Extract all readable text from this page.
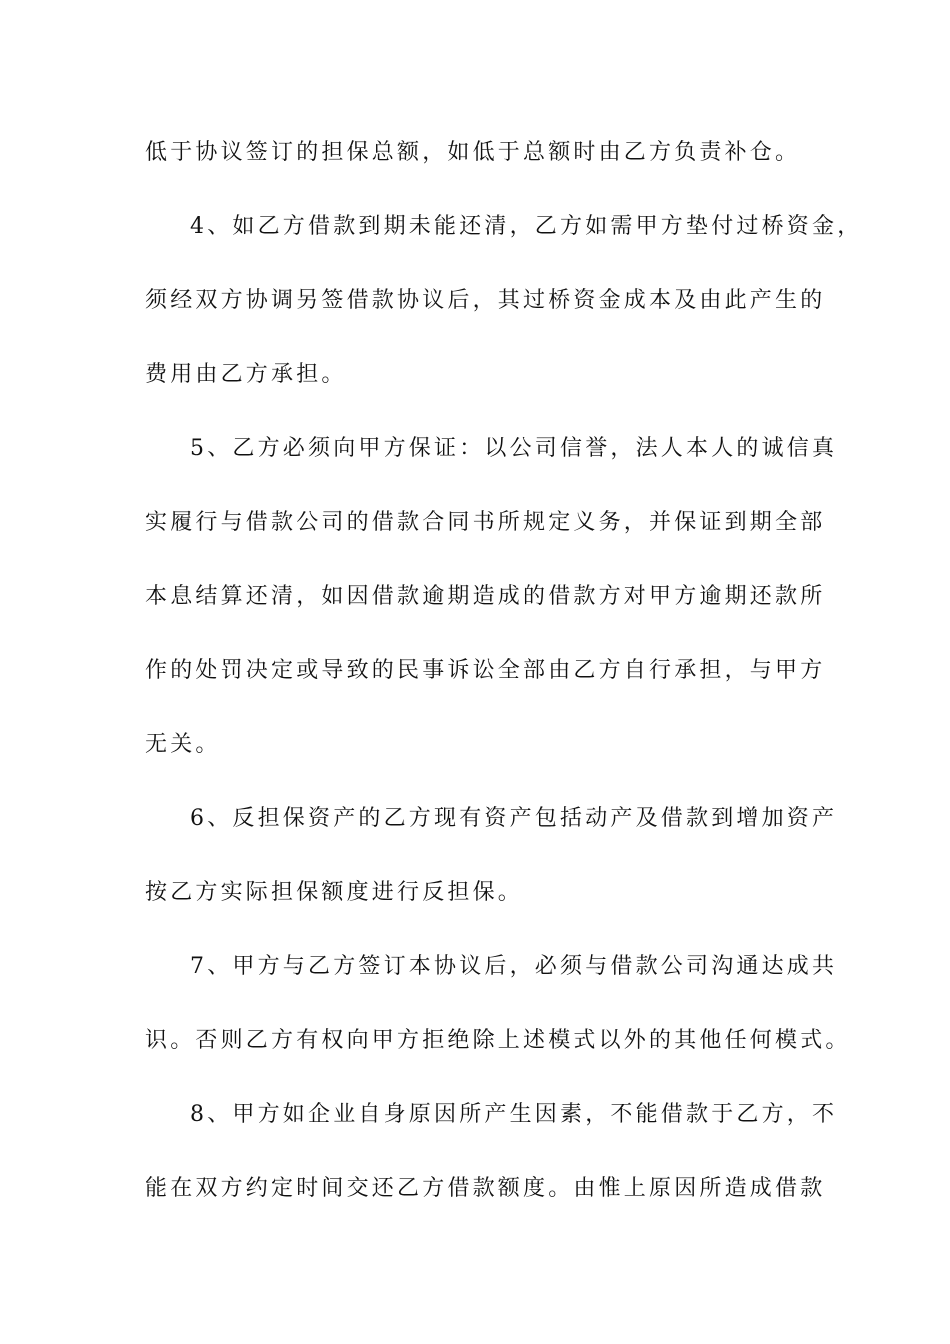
低于协议签订的担保总额，如低于总额时由乙方负责补仓。
4、如乙方借款到期未能还清，乙方如需甲方垫付过桥资金，
须经双方协调另签借款协议后，其过桥资金成本及由此产生的
费用由乙方承担。
5、乙方必须向甲方保证：以公司信誉，法人本人的诚信真
实履行与借款公司的借款合同书所规定义务，并保证到期全部
本息结算还清，如因借款逾期造成的借款方对甲方逾期还款所
作的处罚决定或导致的民事诉讼全部由乙方自行承担，与甲方
无关。
6、反担保资产的乙方现有资产包括动产及借款到增加资产
按乙方实际担保额度进行反担保。
7、甲方与乙方签订本协议后，必须与借款公司沟通达成共
识。否则乙方有权向甲方拒绝除上述模式以外的其他任何模式。
8、甲方如企业自身原因所产生因素，不能借款于乙方，不
能在双方约定时间交还乙方借款额度。由惟上原因所造成借款
